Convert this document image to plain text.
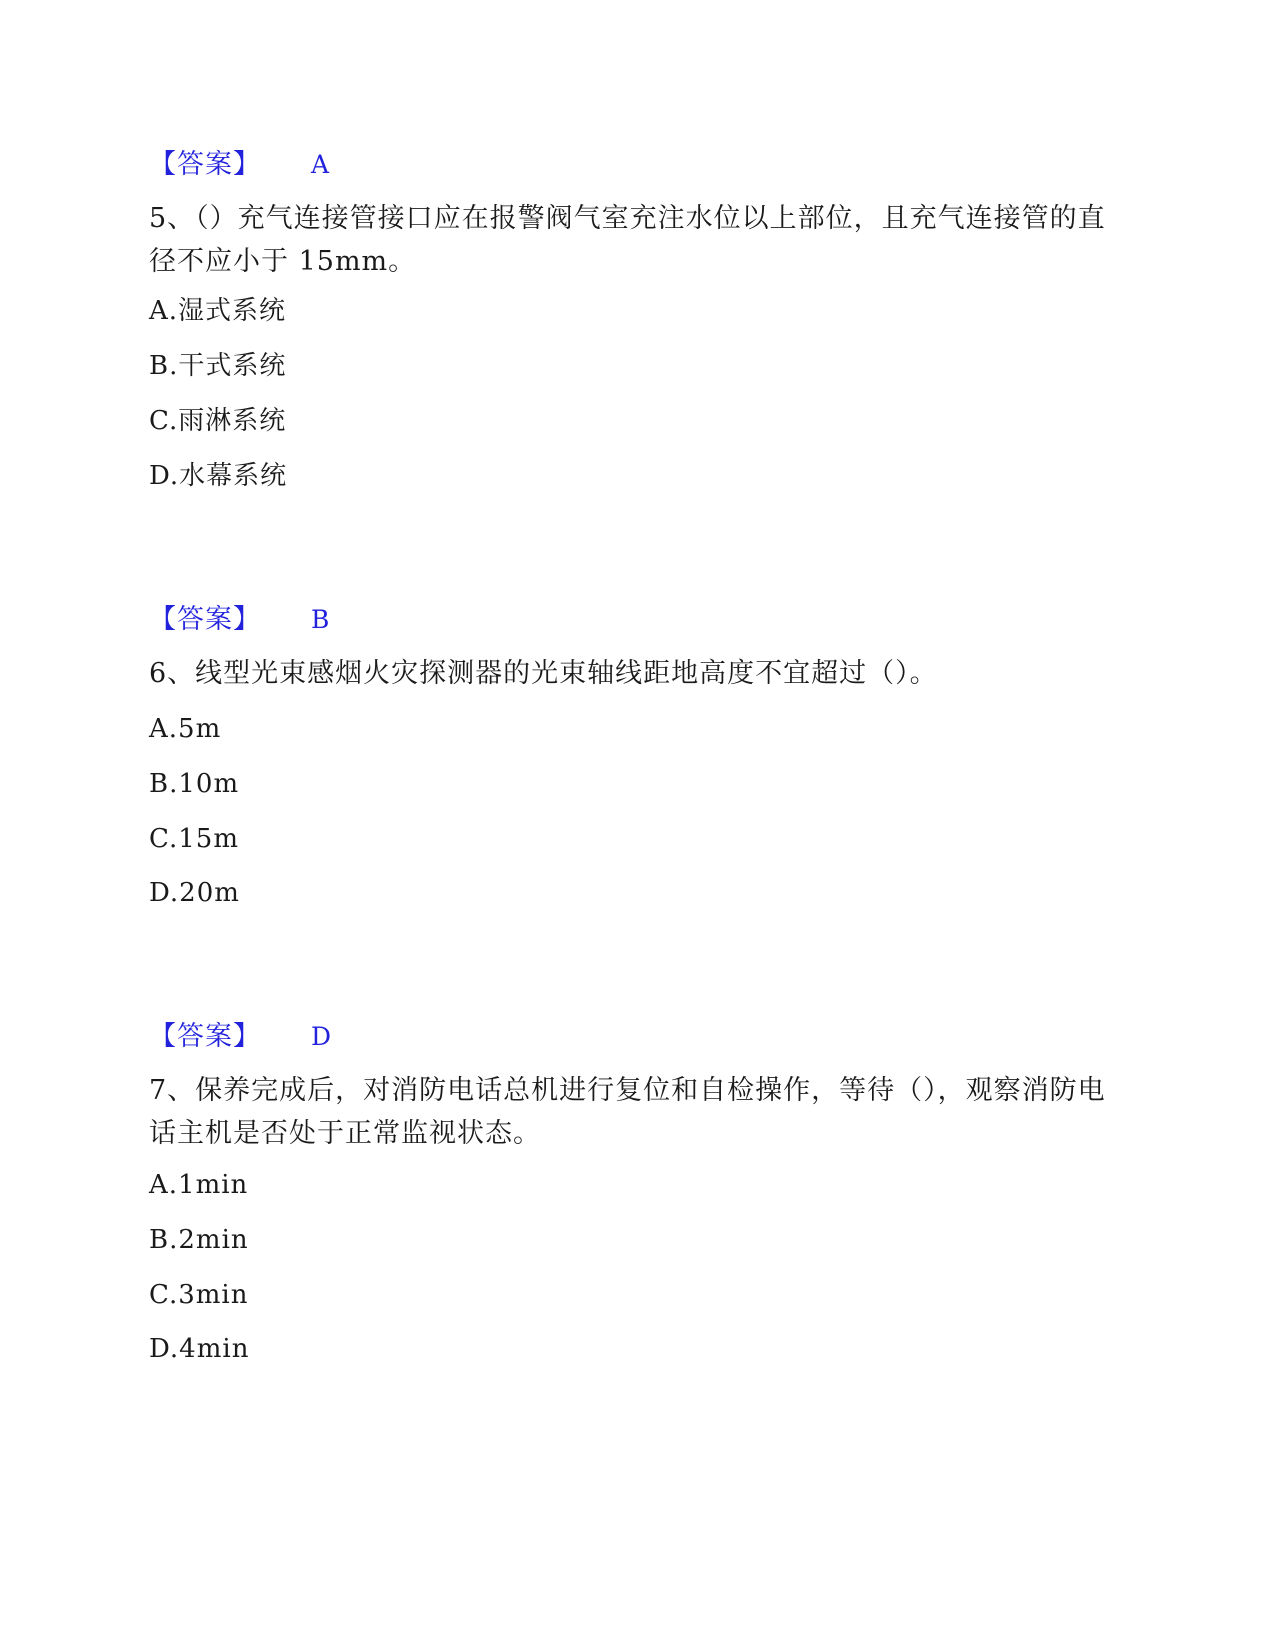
【答案】 A
5、（）充气连接管接口应在报警阀气室充注水位以上部位，且充气连接管的直径不应小于 15mm。
A.湿式系统
B.干式系统
C.雨淋系统
D.水幕系统
【答案】 B
6、线型光束感烟火灾探测器的光束轴线距地高度不宜超过（）。
A.5m
B.10m
C.15m
D.20m
【答案】 D
7、保养完成后，对消防电话总机进行复位和自检操作，等待（），观察消防电话主机是否处于正常监视状态。
A.1min
B.2min
C.3min
D.4min
